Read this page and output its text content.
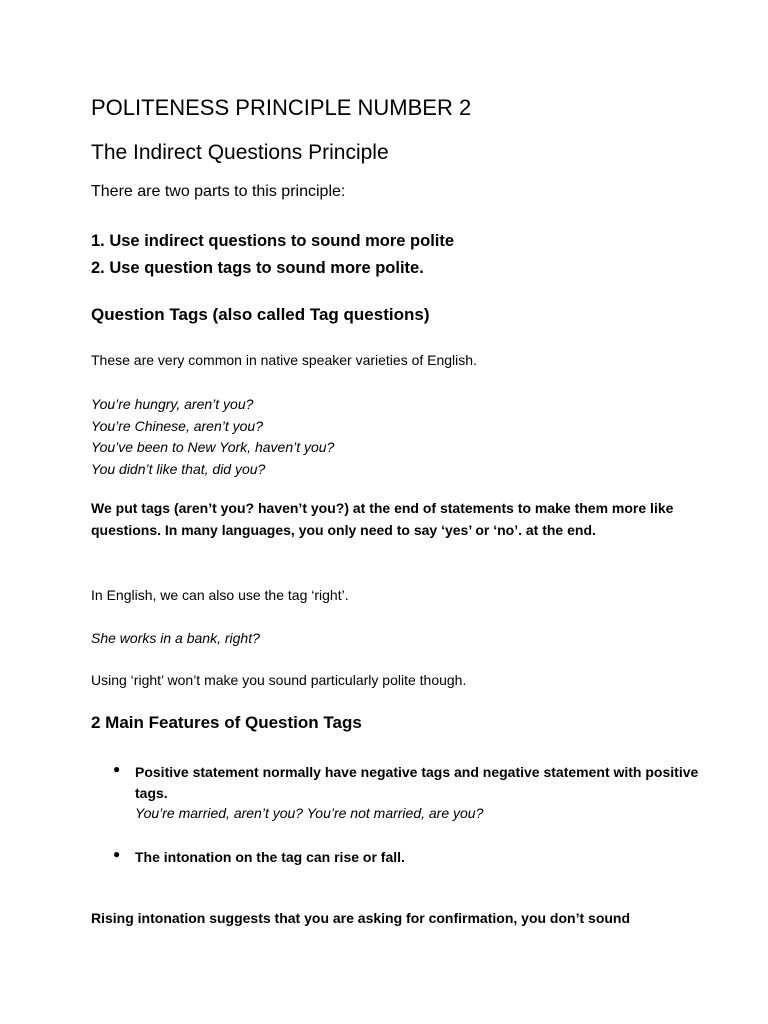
POLITENESS PRINCIPLE NUMBER 2
The Indirect Questions Principle
There are two parts to this principle:
1. Use indirect questions to sound more polite
2. Use question tags to sound more polite.
Question Tags (also called Tag questions)
These are very common in native speaker varieties of English.
You’re hungry, aren’t you?
You’re Chinese, aren’t you?
You’ve been to New York, haven’t you?
You didn’t like that, did you?
We put tags (aren’t you? haven’t you?) at the end of statements to make them more like questions. In many languages, you only need to say ‘yes’ or ‘no’. at the end.
In English, we can also use the tag ‘right’.
She works in a bank, right?
Using ‘right’ won’t make you sound particularly polite though.
2 Main Features of Question Tags
● Positive statement normally have negative tags and negative statement with positive tags.
You’re married, aren’t you? You’re not married, are you?
● The intonation on the tag can rise or fall.
Rising intonation suggests that you are asking for confirmation, you don’t sound
